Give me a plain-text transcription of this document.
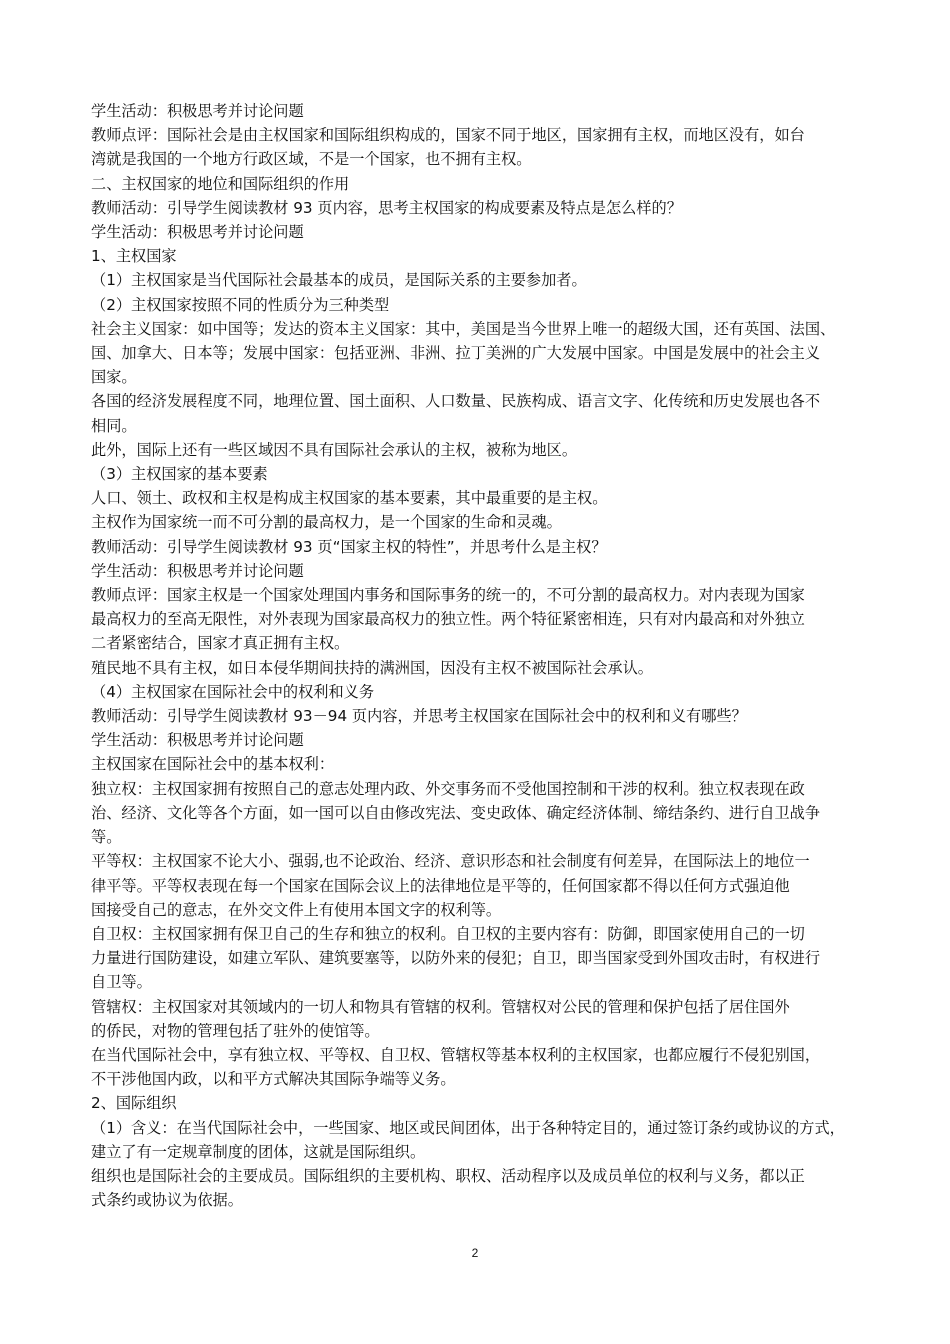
学生活动：积极思考并讨论问题

教师点评：国际社会是由主权国家和国际组织构成的，国家不同于地区，国家拥有主权，而地区没有，如台

湾就是我国的一个地方行政区域，不是一个国家，也不拥有主权。

二、主权国家的地位和国际组织的作用

教师活动：引导学生阅读教材 93 页内容，思考主权国家的构成要素及特点是怎么样的？

学生活动：积极思考并讨论问题

1、主权国家

（1）主权国家是当代国际社会最基本的成员，是国际关系的主要参加者。

（2）主权国家按照不同的性质分为三种类型

社会主义国家：如中国等；发达的资本主义国家：其中，美国是当今世界上唯一的超级大国，还有英国、法国、

国、加拿大、日本等；发展中国家：包括亚洲、非洲、拉丁美洲的广大发展中国家。中国是发展中的社会主义

国家。

各国的经济发展程度不同，地理位置、国土面积、人口数量、民族构成、语言文字、化传统和历史发展也各不

相同。

此外，国际上还有一些区域因不具有国际社会承认的主权，被称为地区。

（3）主权国家的基本要素

人口、领土、政权和主权是构成主权国家的基本要素，其中最重要的是主权。

主权作为国家统一而不可分割的最高权力，是一个国家的生命和灵魂。

教师活动：引导学生阅读教材 93 页“国家主权的特性”，并思考什么是主权？

学生活动：积极思考并讨论问题

教师点评：国家主权是一个国家处理国内事务和国际事务的统一的，不可分割的最高权力。对内表现为国家

最高权力的至高无限性，对外表现为国家最高权力的独立性。两个特征紧密相连，只有对内最高和对外独立

二者紧密结合，国家才真正拥有主权。

殖民地不具有主权，如日本侵华期间扶持的满洲国，因没有主权不被国际社会承认。

（4）主权国家在国际社会中的权利和义务

教师活动：引导学生阅读教材 93－94 页内容，并思考主权国家在国际社会中的权利和义有哪些？

学生活动：积极思考并讨论问题

主权国家在国际社会中的基本权利：

独立权：主权国家拥有按照自己的意志处理内政、外交事务而不受他国控制和干涉的权利。独立权表现在政

治、经济、文化等各个方面，如一国可以自由修改宪法、变史政体、确定经济体制、缔结条约、进行自卫战争

等。

平等权：主权国家不论大小、强弱,也不论政治、经济、意识形态和社会制度有何差异，在国际法上的地位一

律平等。平等权表现在每一个国家在国际会议上的法律地位是平等的，任何国家都不得以任何方式强迫他

国接受自己的意志，在外交文件上有使用本国文字的权利等。

自卫权：主权国家拥有保卫自己的生存和独立的权利。自卫权的主要内容有：防御，即国家使用自己的一切

力量进行国防建设，如建立军队、建筑要塞等，以防外来的侵犯；自卫，即当国家受到外国攻击时，有权进行

自卫等。

管辖权：主权国家对其领域内的一切人和物具有管辖的权利。管辖权对公民的管理和保护包括了居住国外

的侨民，对物的管理包括了驻外的使馆等。

在当代国际社会中，享有独立权、平等权、自卫权、管辖权等基本权利的主权国家，也都应履行不侵犯别国，

不干涉他国内政，以和平方式解决其国际争端等义务。

2、国际组织

（1）含义：在当代国际社会中，一些国家、地区或民间团体，出于各种特定目的，通过签订条约或协议的方式，

建立了有一定规章制度的团体，这就是国际组织。

组织也是国际社会的主要成员。国际组织的主要机构、职权、活动程序以及成员单位的权利与义务，都以正

式条约或协议为依据。

2
